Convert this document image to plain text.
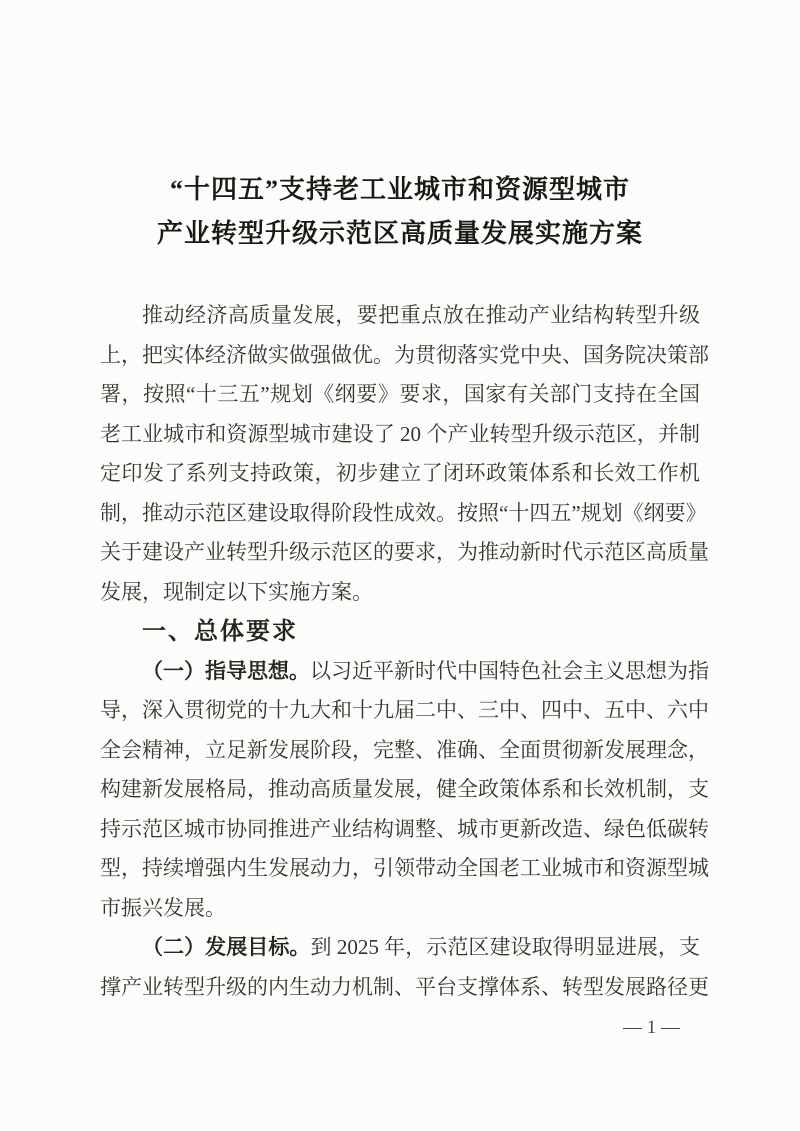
“十四五”支持老工业城市和资源型城市
产业转型升级示范区高质量发展实施方案
推动经济高质量发展，要把重点放在推动产业结构转型升级
上，把实体经济做实做强做优。为贯彻落实党中央、国务院决策部
署，按照“十三五”规划《纲要》要求，国家有关部门支持在全国
老工业城市和资源型城市建设了 20 个产业转型升级示范区，并制
定印发了系列支持政策，初步建立了闭环政策体系和长效工作机
制，推动示范区建设取得阶段性成效。按照“十四五”规划《纲要》
关于建设产业转型升级示范区的要求，为推动新时代示范区高质量
发展，现制定以下实施方案。
一、总体要求
（一）指导思想。以习近平新时代中国特色社会主义思想为指
导，深入贯彻党的十九大和十九届二中、三中、四中、五中、六中
全会精神，立足新发展阶段，完整、准确、全面贯彻新发展理念，
构建新发展格局，推动高质量发展，健全政策体系和长效机制，支
持示范区城市协同推进产业结构调整、城市更新改造、绿色低碳转
型，持续增强内生发展动力，引领带动全国老工业城市和资源型城
市振兴发展。
（二）发展目标。到 2025 年，示范区建设取得明显进展，支
撑产业转型升级的内生动力机制、平台支撑体系、转型发展路径更
— 1 —
